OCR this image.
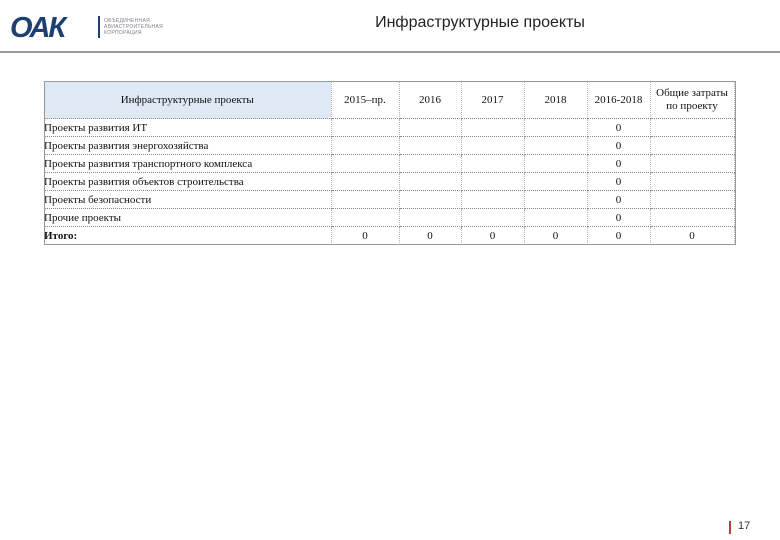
ОАК	ОБЪЕДИНЕННАЯ
АВИАСТРОИТЕЛЬНАЯ
КОРПОРАЦИЯ
Инфраструктурные проекты
Инфраструктурные проекты	2015–пр.	2016	2017	2018	2016-2018	Общие затраты по проекту
Проекты развития ИТ					0	
Проекты развития энергохозяйства					0	
Проекты развития транспортного комплекса					0	
Проекты развития объектов строительства					0	
Проекты безопасности					0	
Прочие проекты					0	
Итого:	0	0	0	0	0	0
17
